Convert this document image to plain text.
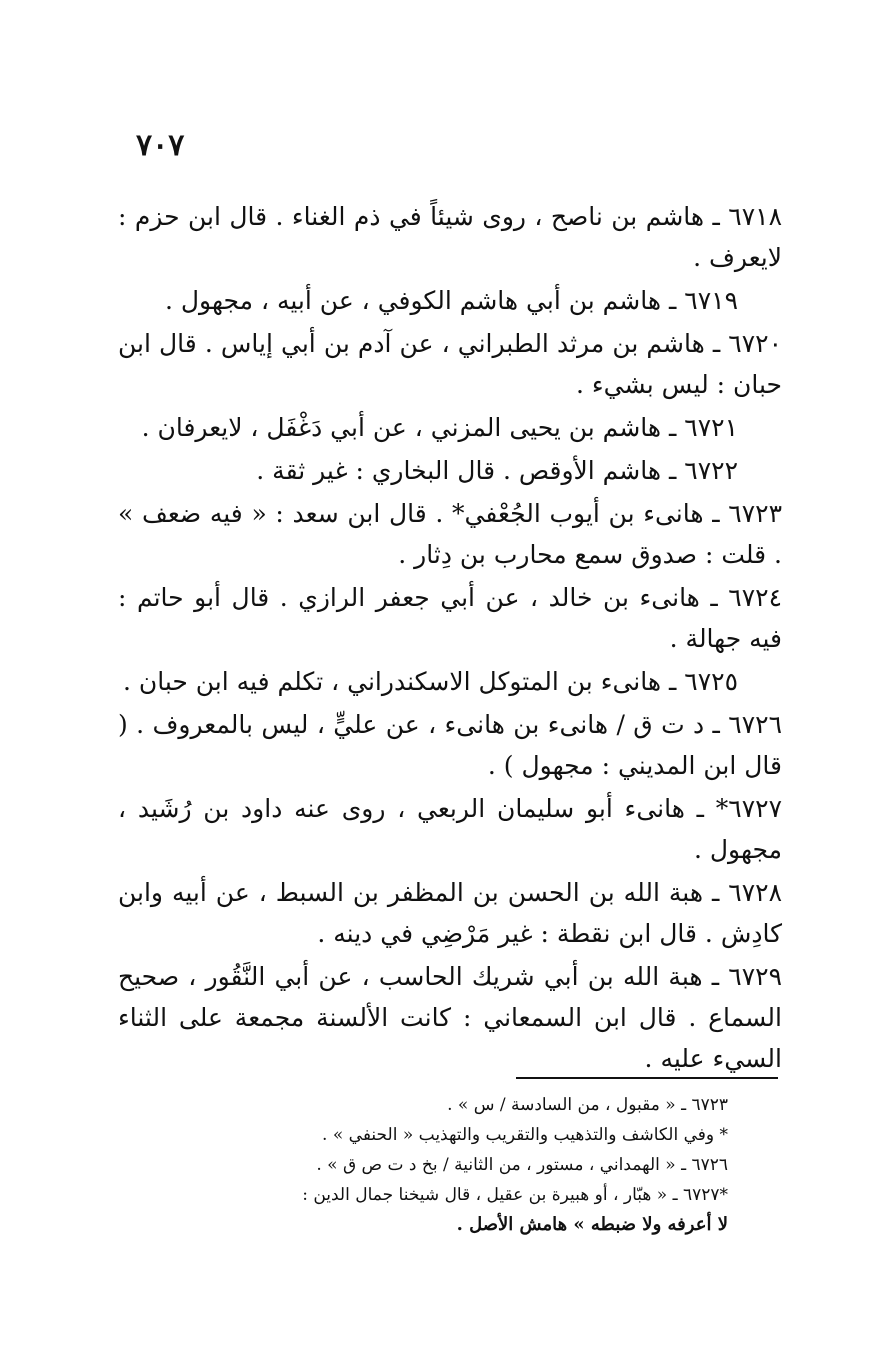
٧٠٧

٦٧١٨ ـ هاشم بن ناصح ، روى شيئاً في ذم الغناء . قال ابن حزم : لايعرف .

٦٧١٩ ـ هاشم بن أبي هاشم الكوفي ، عن أبيه ، مجهول .

٦٧٢٠ ـ هاشم بن مرثد الطبراني ، عن آدم بن أبي إياس . قال ابن حبان : ليس بشيء .

٦٧٢١ ـ هاشم بن يحيى المزني ، عن أبي دَغْفَل ، لايعرفان .

٦٧٢٢ ـ هاشم الأوقص . قال البخاري : غير ثقة .

٦٧٢٣ ـ هانىء بن أيوب الجُعْفي* . قال ابن سعد : « فيه ضعف » . قلت : صدوق سمع محارب بن دِثار .

٦٧٢٤ ـ هانىء بن خالد ، عن أبي جعفر الرازي . قال أبو حاتم : فيه جهالة .

٦٧٢٥ ـ هانىء بن المتوكل الاسكندراني ، تكلم فيه ابن حبان .

٦٧٢٦ ـ د ت ق / هانىء بن هانىء ، عن عليٍّ ، ليس بالمعروف . ( قال ابن المديني : مجهول ) .

٦٧٢٧* ـ هانىء أبو سليمان الربعي ، روى عنه داود بن رُشَيد ، مجهول .

٦٧٢٨ ـ هبة الله بن الحسن بن المظفر بن السبط ، عن أبيه وابن كادِش . قال ابن نقطة : غير مَرْضِي في دينه .

٦٧٢٩ ـ هبة الله بن أبي شريك الحاسب ، عن أبي النَّقُور ، صحيح السماع . قال ابن السمعاني : كانت الألسنة مجمعة على الثناء السيء عليه .

٦٧٢٣ ـ « مقبول ، من السادسة / س » .
* وفي الكاشف والتذهيب والتقريب والتهذيب « الحنفي » .
٦٧٢٦ ـ « الهمداني ، مستور ، من الثانية / بخ د ت ص ق » .
*٦٧٢٧ ـ « هبّار ، أو هبيرة بن عقيل ، قال شيخنا جمال الدين :
لا أعرفه ولا ضبطه » هامش الأصل .
